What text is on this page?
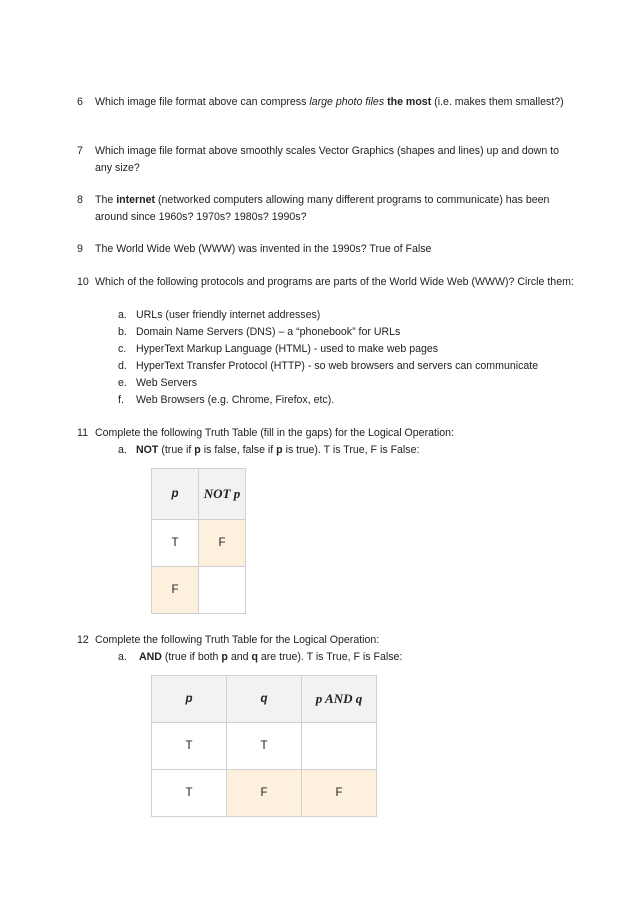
6	Which image file format above can compress large photo files the most (i.e. makes them smallest?)
7	Which image file format above smoothly scales Vector Graphics (shapes and lines) up and down to any size?
8	The internet (networked computers allowing many different programs to communicate) has been around since 1960s? 1970s? 1980s? 1990s?
9	The World Wide Web (WWW) was invented in the 1990s? True of False
10 Which of the following protocols and programs are parts of the World Wide Web (WWW)? Circle them:
a. URLs (user friendly internet addresses)
b. Domain Name Servers (DNS) – a “phonebook” for URLs
c. HyperText Markup Language (HTML) - used to make web pages
d. HyperText Transfer Protocol (HTTP) - so web browsers and servers can communicate
e. Web Servers
f.	Web Browsers (e.g. Chrome, Firefox, etc).
11 Complete the following Truth Table (fill in the gaps) for the Logical Operation:
a. NOT (true if p is false, false if p is true). T is True, F is False:
p	NOT p
T	F
F	
12 Complete the following Truth Table for the Logical Operation:
a.	AND (true if both p and q are true). T is True, F is False:
p	q	p AND q
T	T	
T	F	F
